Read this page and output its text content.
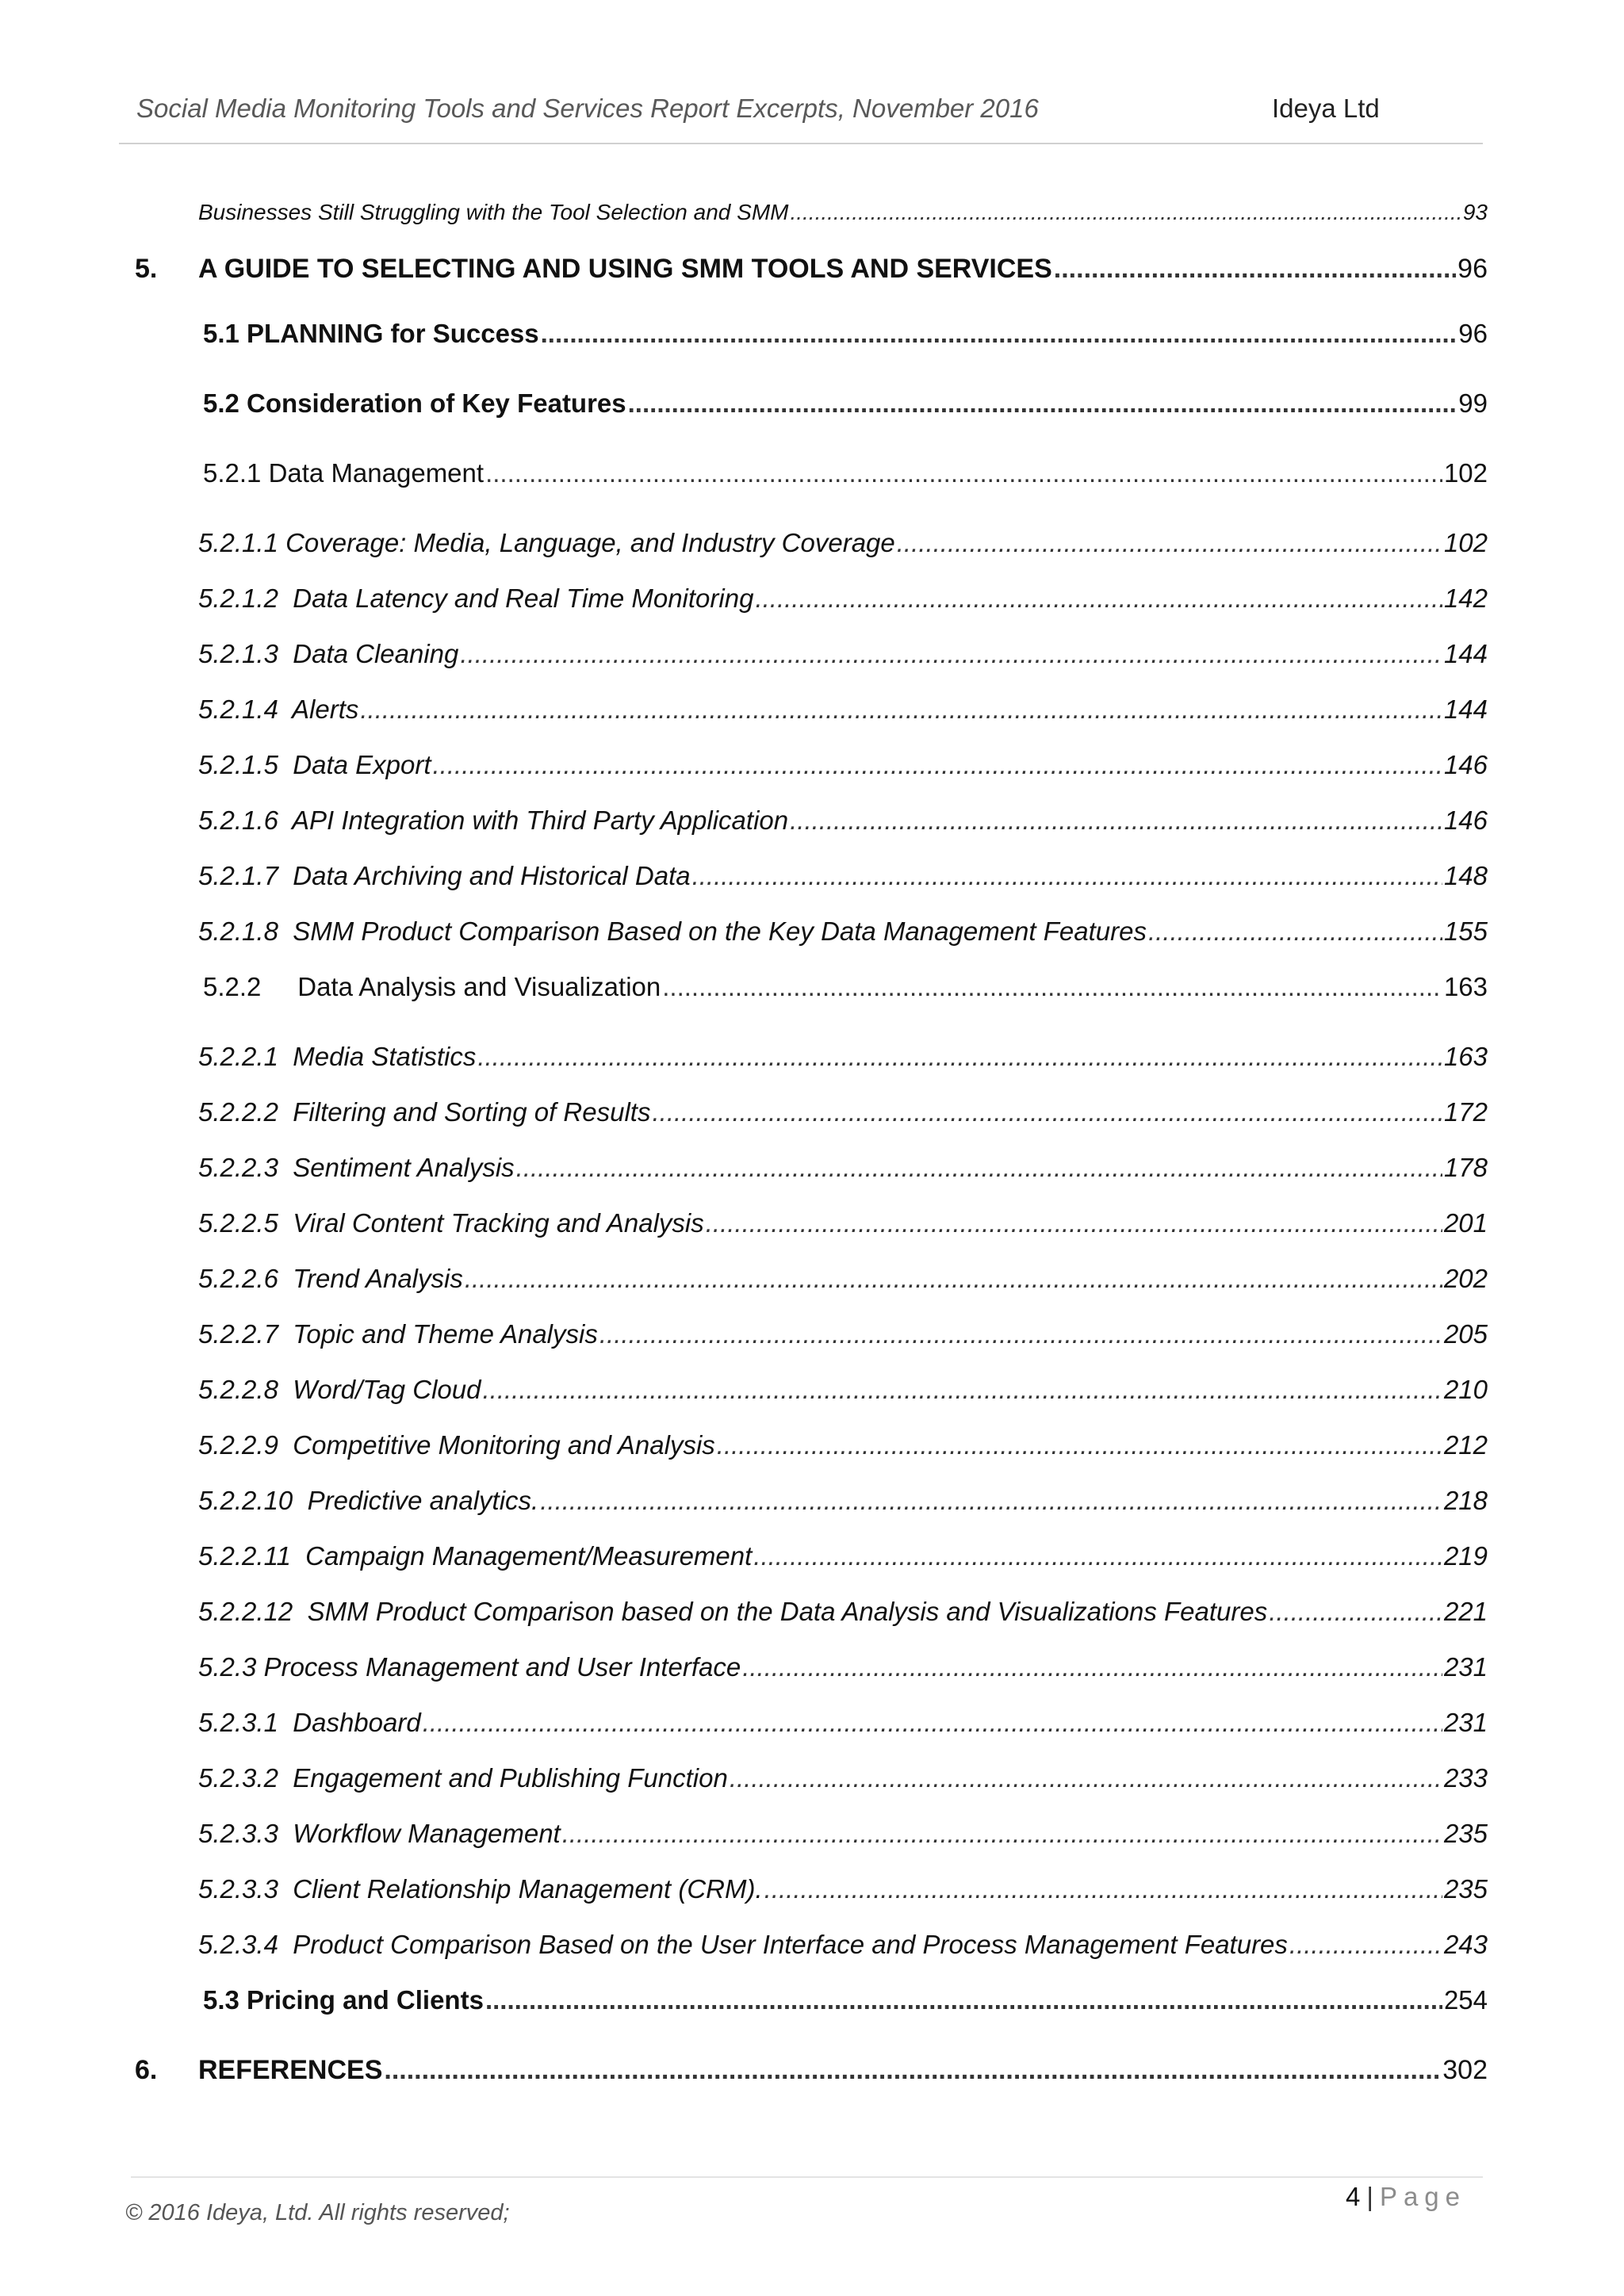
Social Media Monitoring Tools and Services Report Excerpts, November 2016	Ideya Ltd
Businesses Still Struggling with the Tool Selection and SMM .....	93
5. A GUIDE TO SELECTING AND USING SMM TOOLS AND SERVICES .....	96
5.1 PLANNING for Success .....	96
5.2 Consideration of Key Features .....	99
5.2.1 Data Management .....	102
5.2.1.1 Coverage: Media, Language, and Industry Coverage .....	102
5.2.1.2  Data Latency and Real Time Monitoring .....	142
5.2.1.3  Data Cleaning .....	144
5.2.1.4  Alerts .....	144
5.2.1.5  Data Export .....	146
5.2.1.6  API Integration with Third Party Application .....	146
5.2.1.7  Data Archiving and Historical Data .....	148
5.2.1.8  SMM Product Comparison Based on the Key Data Management Features .....	155
5.2.2     Data Analysis and Visualization .....	163
5.2.2.1  Media Statistics .....	163
5.2.2.2  Filtering and Sorting of Results .....	172
5.2.2.3  Sentiment Analysis .....	178
5.2.2.5  Viral Content Tracking and Analysis .....	201
5.2.2.6  Trend Analysis .....	202
5.2.2.7  Topic and Theme Analysis .....	205
5.2.2.8  Word/Tag Cloud .....	210
5.2.2.9  Competitive Monitoring and Analysis .....	212
5.2.2.10  Predictive analytics. .....	218
5.2.2.11  Campaign Management/Measurement .....	219
5.2.2.12  SMM Product Comparison based on the Data Analysis and Visualizations Features .....	221
5.2.3 Process Management and User Interface .....	231
5.2.3.1  Dashboard .....	231
5.2.3.2  Engagement and Publishing Function .....	233
5.2.3.3  Workflow Management .....	235
5.2.3.3  Client Relationship Management (CRM). .....	235
5.2.3.4  Product Comparison Based on the User Interface and Process Management Features .....	243
5.3 Pricing and Clients .....	254
6. REFERENCES .....	302
© 2016 Ideya, Ltd. All rights reserved;
4 | Page
